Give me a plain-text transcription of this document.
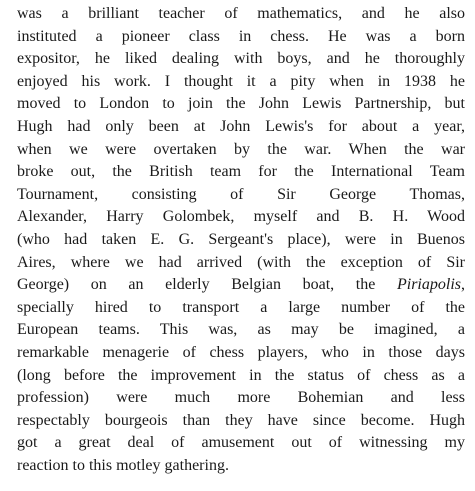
was a brilliant teacher of mathematics, and he also
instituted a pioneer class in chess. He was a born
expositor, he liked dealing with boys, and he thoroughly
enjoyed his work. I thought it a pity when in 1938 he
moved to London to join the John Lewis Partnership, but
Hugh had only been at John Lewis's for about a year,
when we were overtaken by the war. When the war
broke out, the British team for the International Team
Tournament, consisting of Sir George Thomas,
Alexander, Harry Golombek, myself and B. H. Wood
(who had taken E. G. Sergeant's place), were in Buenos
Aires, where we had arrived (with the exception of Sir
George) on an elderly Belgian boat, the Piriapolis,
specially hired to transport a large number of the
European teams. This was, as may be imagined, a
remarkable menagerie of chess players, who in those days
(long before the improvement in the status of chess as a
profession) were much more Bohemian and less
respectably bourgeois than they have since become. Hugh
got a great deal of amusement out of witnessing my
reaction to this motley gathering.
